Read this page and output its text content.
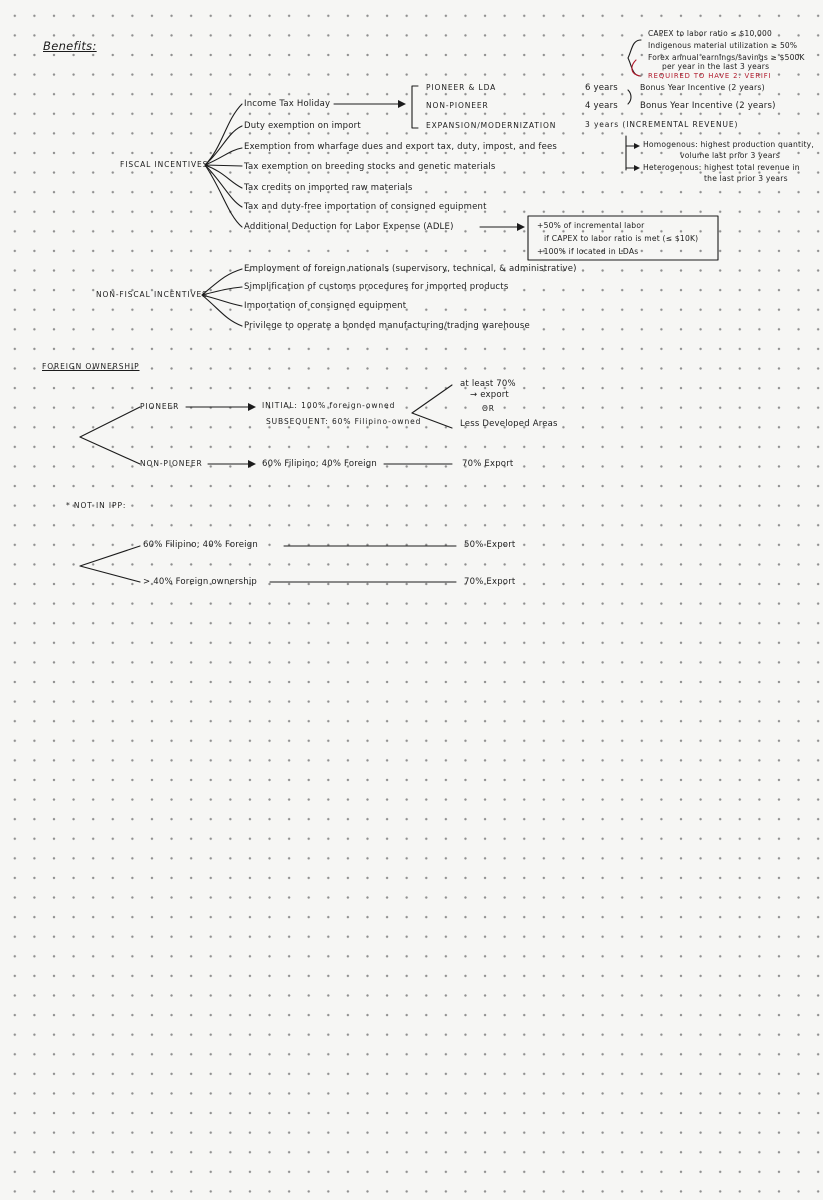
Benefits:
FISCAL INCENTIVES
Income Tax Holiday
Duty exemption on import
Exemption from wharfage dues and export tax, duty, impost, and fees
Tax exemption on breeding stocks and genetic materials
Tax credits on imported raw materials
Tax and duty-free importation of consigned equipment
Additional Deduction for Labor Expense (ADLE)
PIONEER & LDA	6 years
NON-PIONEER	4 years
EXPANSION/MODERNIZATION	3 years (INCREMENTAL REVENUE)
CAPEX to labor ratio ≤ $10,000
Indigenous material utilization ≥ 50%
Forex annual earnings/savings ≥ $500K
per year in the last 3 years
REQUIRED TO HAVE 2. VERIFI
Bonus Year Incentive (2 years)
Bonus Year Incentive (2 years)
Homogenous: highest production quantity,
volume last prior 3 years
Heterogenous: highest total revenue in
the last prior 3 years
+50% of incremental labor
if CAPEX to labor ratio is met (≤ $10K)
+100% if located in LDAs
NON-FISCAL INCENTIVES
Employment of foreign nationals (supervisory, technical, & administrative)
Simplification of customs procedures for imported products
Importation of consigned equipment
Privilege to operate a bonded manufacturing/trading warehouse
FOREIGN OWNERSHIP
PIONEER	INITIAL: 100% foreign-owned
SUBSEQUENT: 60% Filipino-owned
at least 70%
→ export
OR
Less Developed Areas
NON-PIONEER	60% Filipino; 40% Foreign	70% Export
* NOT IN IPP:
60% Filipino; 40% Foreign	50% Export
> 40% Foreign ownership	70% Export
